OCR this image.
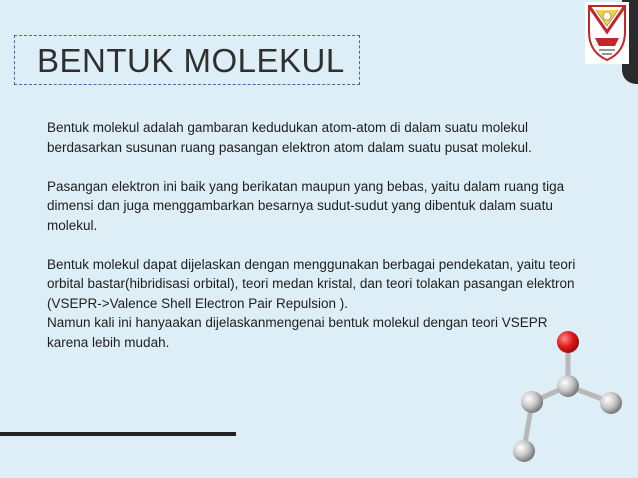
BENTUK MOLEKUL

Bentuk molekul adalah gambaran kedudukan atom-atom di dalam suatu molekul berdasarkan susunan ruang pasangan elektron atom dalam suatu pusat molekul.

Pasangan elektron ini baik yang berikatan maupun yang bebas, yaitu dalam ruang tiga dimensi dan juga menggambarkan besarnya sudut-sudut yang dibentuk dalam suatu molekul.

Bentuk molekul dapat dijelaskan dengan menggunakan berbagai pendekatan, yaitu teori orbital bastar(hibridisasi orbital), teori medan kristal, dan teori tolakan pasangan elektron (VSEPR->Valence Shell Electron Pair Repulsion ).

Namun kali ini hanyaakan dijelaskanmengenai bentuk molekul dengan teori VSEPR karena lebih mudah.
